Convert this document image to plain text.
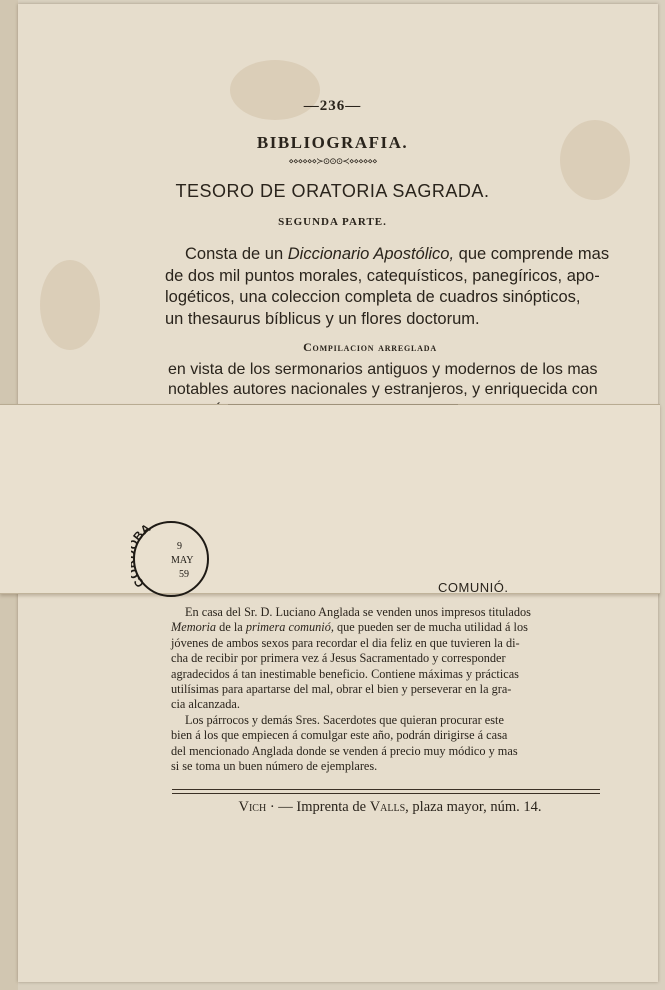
—236—
BIBLIOGRAFIA.
⋄⋄⋄⋄⋄⋄≻⊙⊙⊙≺⋄⋄⋄⋄⋄⋄
TESORO DE ORATORIA SAGRADA.
SEGUNDA PARTE.

Consta de un Diccionario Apostólico, que comprende mas
de dos mil puntos morales, catequísticos, panegíricos, apo-
logéticos, una coleccion completa de cuadros sinópticos,
un thesaurus bíblicus y un flores doctorum.

Compilacion arreglada
en vista de los sermonarios antiguos y modernos de los mas
notables autores nacionales y estranjeros, y enriquecida con
C BA
9
MAY
59
COMUNIÓ.
En casa del Sr. D. Luciano Anglada se venden unos impresos titulados
Memoria de la primera comunió, que pueden ser de mucha utilidad á los
jóvenes de ambos sexos para recordar el dia feliz en que tuvieren la di-
cha de recibir por primera vez á Jesus Sacramentado y corresponder
agradecidos á tan inestimable beneficio. Contiene máximas y prácticas
utilísimas para apartarse del mal, obrar el bien y perseverar en la gra-
cia alcanzada.
Los párrocos y demás Sres. Sacerdotes que quieran procurar este
bien á los que empiecen á comulgar este año, podrán dirigirse á casa
del mencionado Anglada donde se venden á precio muy módico y mas
si se toma un buen número de ejemplares.
Vich · — Imprenta de Valls, plaza mayor, núm. 14.
